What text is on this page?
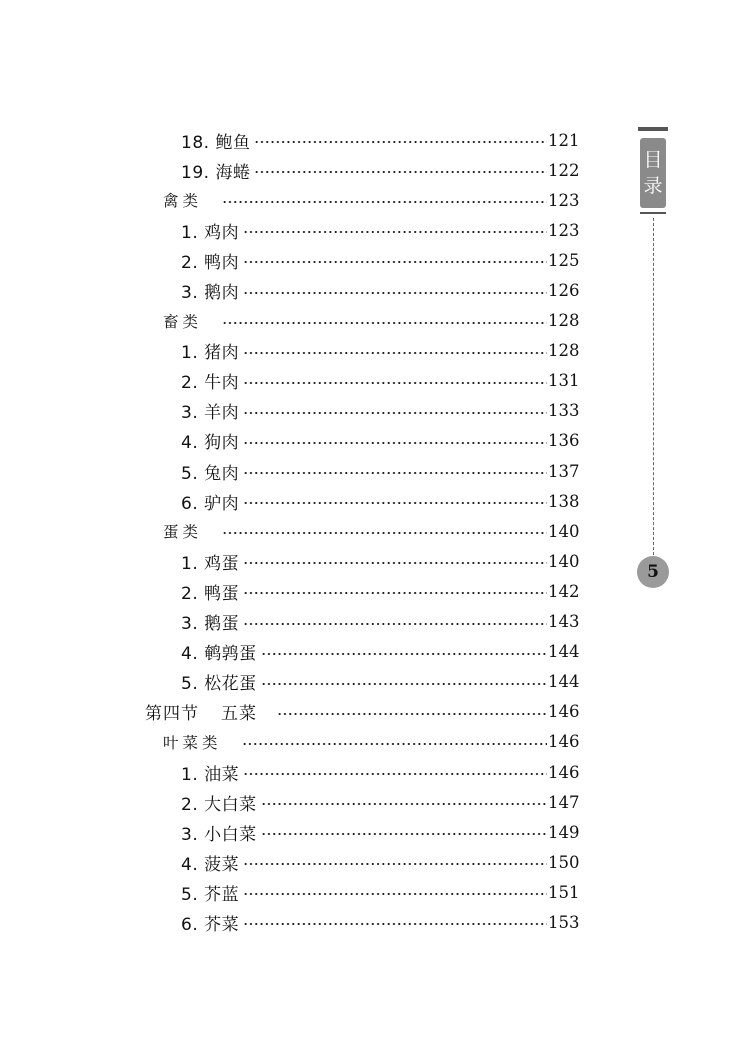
18. 鲍鱼	121
19. 海蜷	122
禽类	123
1. 鸡肉	123
2. 鸭肉	125
3. 鹅肉	126
畜类	128
1. 猪肉	128
2. 牛肉	131
3. 羊肉	133
4. 狗肉	136
5. 兔肉	137
6. 驴肉	138
蛋类	140
1. 鸡蛋	140
2. 鸭蛋	142
3. 鹅蛋	143
4. 鹌鹑蛋	144
5. 松花蛋	144
第四节 五菜	146
叶菜类	146
1. 油菜	146
2. 大白菜	147
3. 小白菜	149
4. 菠菜	150
5. 芥蓝	151
6. 芥菜	153
目
录
5
